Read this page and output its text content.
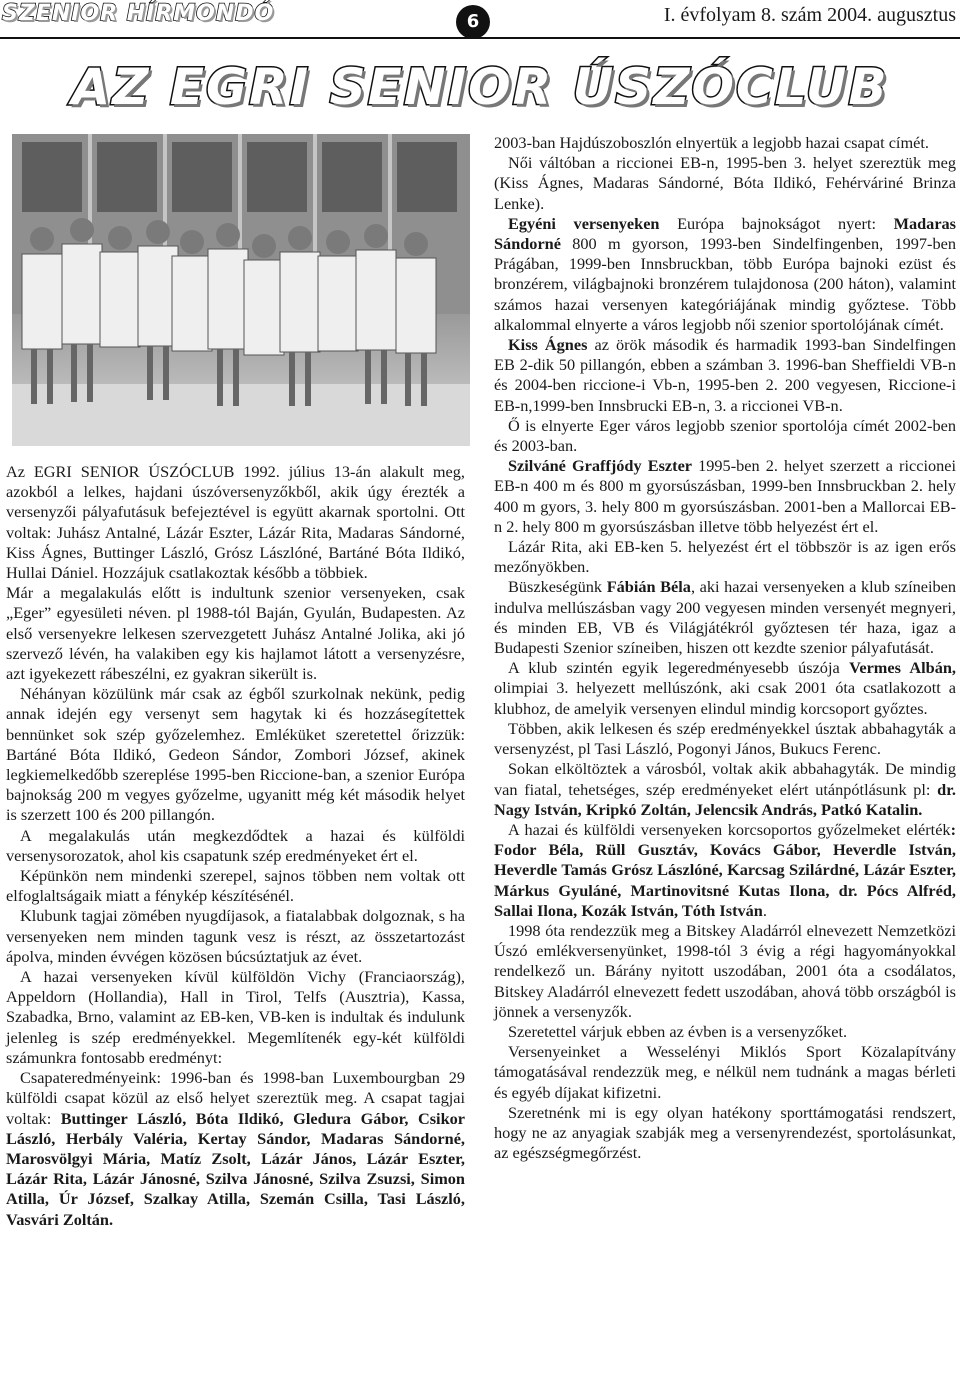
SZENIOR HÍRMONDÓ	6	I. évfolyam 8. szám 2004. augusztus
AZ EGRI SENIOR ÚSZÓCLUB

Az EGRI SENIOR ÚSZÓCLUB 1992. július 13-án alakult meg, azokból a lelkes, hajdani úszóversenyzőkből, akik úgy érezték a versenyzői pályafutásuk befejeztével is együtt akarnak sportolni. Ott voltak: Juhász Antalné, Lázár Eszter, Lázár Rita, Madaras Sándorné, Kiss Ágnes, Buttinger László, Grósz Lászlóné, Bartáné Bóta Ildikó, Hullai Dániel. Hozzájuk csatlakoztak később a többiek.

Már a megalakulás előtt is indultunk szenior versenyeken, csak „Eger” egyesületi néven. pl 1988-tól Baján, Gyulán, Budapesten. Az első versenyekre lelkesen szervezgetett Juhász Antalné Jolika, aki jó szervező lévén, ha valakiben egy kis hajlamot látott a versenyzésre, azt igyekezett rábeszélni, ez gyakran sikerült is.

Néhányan közülünk már csak az égből szurkolnak nekünk, pedig annak idején egy versenyt sem hagytak ki és hozzásegítettek bennünket sok szép győzelemhez. Emléküket szeretettel őrizzük: Bartáné Bóta Ildikó, Gedeon Sándor, Zombori József, akinek legkiemelkedőbb szereplése 1995-ben Riccione-ban, a szenior Európa bajnokság 200 m vegyes győzelme, ugyanitt még két második helyet is szerzett 100 és 200 pillangón.

A megalakulás után megkezdődtek a hazai és külföldi versenysorozatok, ahol kis csapatunk szép eredményeket ért el.

Képünkön nem mindenki szerepel, sajnos többen nem voltak ott elfoglaltságaik miatt a fénykép készítésénél.

Klubunk tagjai zömében nyugdíjasok, a fiatalabbak dolgoznak, s ha versenyeken nem minden tagunk vesz is részt, az összetartozást ápolva, minden évvégen közösen búcsúztatjuk az évet.

A hazai versenyeken kívül külföldön Vichy (Franciaország), Appeldorn (Hollandia), Hall in Tirol, Telfs (Ausztria), Kassa, Szabadka, Brno, valamint az EB-ken, VB-ken is indultak és indulunk jelenleg is szép eredményekkel. Megemlítenék egy-két külföldi számunkra fontosabb eredményt:

Csapateredményeink: 1996-ban és 1998-ban Luxembourgban 29 külföldi csapat közül az első helyet szereztük meg. A csapat tagjai voltak: Buttinger László, Bóta Ildikó, Gledura Gábor, Csikor László, Herbály Valéria, Kertay Sándor, Madaras Sándorné, Marosvölgyi Mária, Matíz Zsolt, Lázár János, Lázár Eszter, Lázár Rita, Lázár Jánosné, Szilva Jánosné, Szilva Zsuzsi, Simon Atilla, Úr József, Szalkay Atilla, Szemán Csilla, Tasi László, Vasvári Zoltán.

2003-ban Hajdúszoboszlón elnyertük a legjobb hazai csapat címét.

Női váltóban a riccionei EB-n, 1995-ben 3. helyet szereztük meg (Kiss Ágnes, Madaras Sándorné, Bóta Ildikó, Fehérváriné Brinza Lenke).

Egyéni versenyeken Európa bajnokságot nyert: Madaras Sándorné 800 m gyorson, 1993-ben Sindelfingenben, 1997-ben Prágában, 1999-ben Innsbruckban, több Európa bajnoki ezüst és bronzérem, világbajnoki bronzérem tulajdonosa (200 háton), valamint számos hazai versenyen kategóriájának mindig győztese. Több alkalommal elnyerte a város legjobb női szenior sportolójának címét.

Kiss Ágnes az örök második és harmadik 1993-ban Sindelfingen EB 2-dik 50 pillangón, ebben a számban 3. 1996-ban Sheffieldi VB-n és 2004-ben riccione-i Vb-n, 1995-ben 2. 200 vegyesen, Riccione-i EB-n,1999-ben Innsbrucki EB-n, 3. a riccionei VB-n.

Ő is elnyerte Eger város legjobb szenior sportolója címét 2002-ben és 2003-ban.

Szilváné Graffjódy Eszter 1995-ben 2. helyet szerzett a riccionei EB-n 400 m és 800 m gyorsúszásban, 1999-ben Innsbruckban 2. hely 400 m gyors, 3. hely 800 m gyorsúszásban. 2001-ben a Mallorcai EB-n 2. hely 800 m gyorsúszásban illetve több helyezést ért el.

Lázár Rita, aki EB-ken 5. helyezést ért el többször is az igen erős mezőnyökben.

Büszkeségünk Fábián Béla, aki hazai versenyeken a klub színeiben indulva mellúszásban vagy 200 vegyesen minden versenyét megnyeri, és minden EB, VB és Világjátékról győztesen tér haza, igaz a Budapesti Szenior színeiben, hiszen ott kezdte szenior pályafutását.

A klub szintén egyik legeredményesebb úszója Vermes Albán, olimpiai 3. helyezett mellúszónk, aki csak 2001 óta csatlakozott a klubhoz, de amelyik versenyen elindul mindig korcsoport győztes.

Többen, akik lelkesen és szép eredményekkel úsztak abbahagyták a versenyzést, pl Tasi László, Pogonyi János, Bukucs Ferenc.

Sokan elköltöztek a városból, voltak akik abbahagyták. De mindig van fiatal, tehetséges, szép eredményeket elért utánpótlásunk pl: dr. Nagy István, Kripkó Zoltán, Jelencsik András, Patkó Katalin.

A hazai és külföldi versenyeken korcsoportos győzelmeket elérték: Fodor Béla, Rüll Gusztáv, Kovács Gábor, Heverdle István, Heverdle Tamás Grósz Lászlóné, Karcsag Szilárdné, Lázár Eszter, Márkus Gyuláné, Martinovitsné Kutas Ilona, dr. Pócs Alfréd, Sallai Ilona, Kozák István, Tóth István.

1998 óta rendezzük meg a Bitskey Aladárról elnevezett Nemzetközi Úszó emlékversenyünket, 1998-tól 3 évig a régi hagyományokkal rendelkező un. Bárány nyitott uszodában, 2001 óta a csodálatos, Bitskey Aladárról elnevezett fedett uszodában, ahová több országból is jönnek a versenyzők.

Szeretettel várjuk ebben az évben is a versenyzőket.

Versenyeinket a Wesselényi Miklós Sport Közalapítvány támogatásával rendezzük meg, e nélkül nem tudnánk a magas bérleti és egyéb díjakat kifizetni.

Szeretnénk mi is egy olyan hatékony sporttámogatási rendszert, hogy ne az anyagiak szabják meg a versenyrendezést, sportolásunkat, az egészségmegőrzést.
